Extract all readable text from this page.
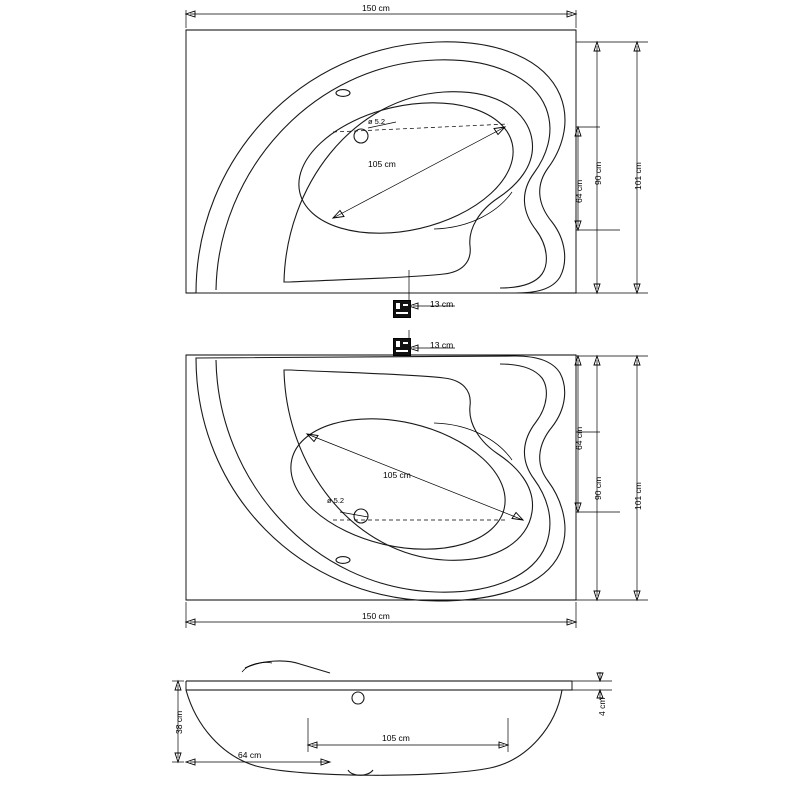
150 cm
90 cm
64 cm
101 cm
105 cm
ø 5.2
13 cm
13 cm
64 cm
90 cm	101 cm
105 cm
ø 5.2
150 cm
38 cm
4 cm
105 cm
64 cm
